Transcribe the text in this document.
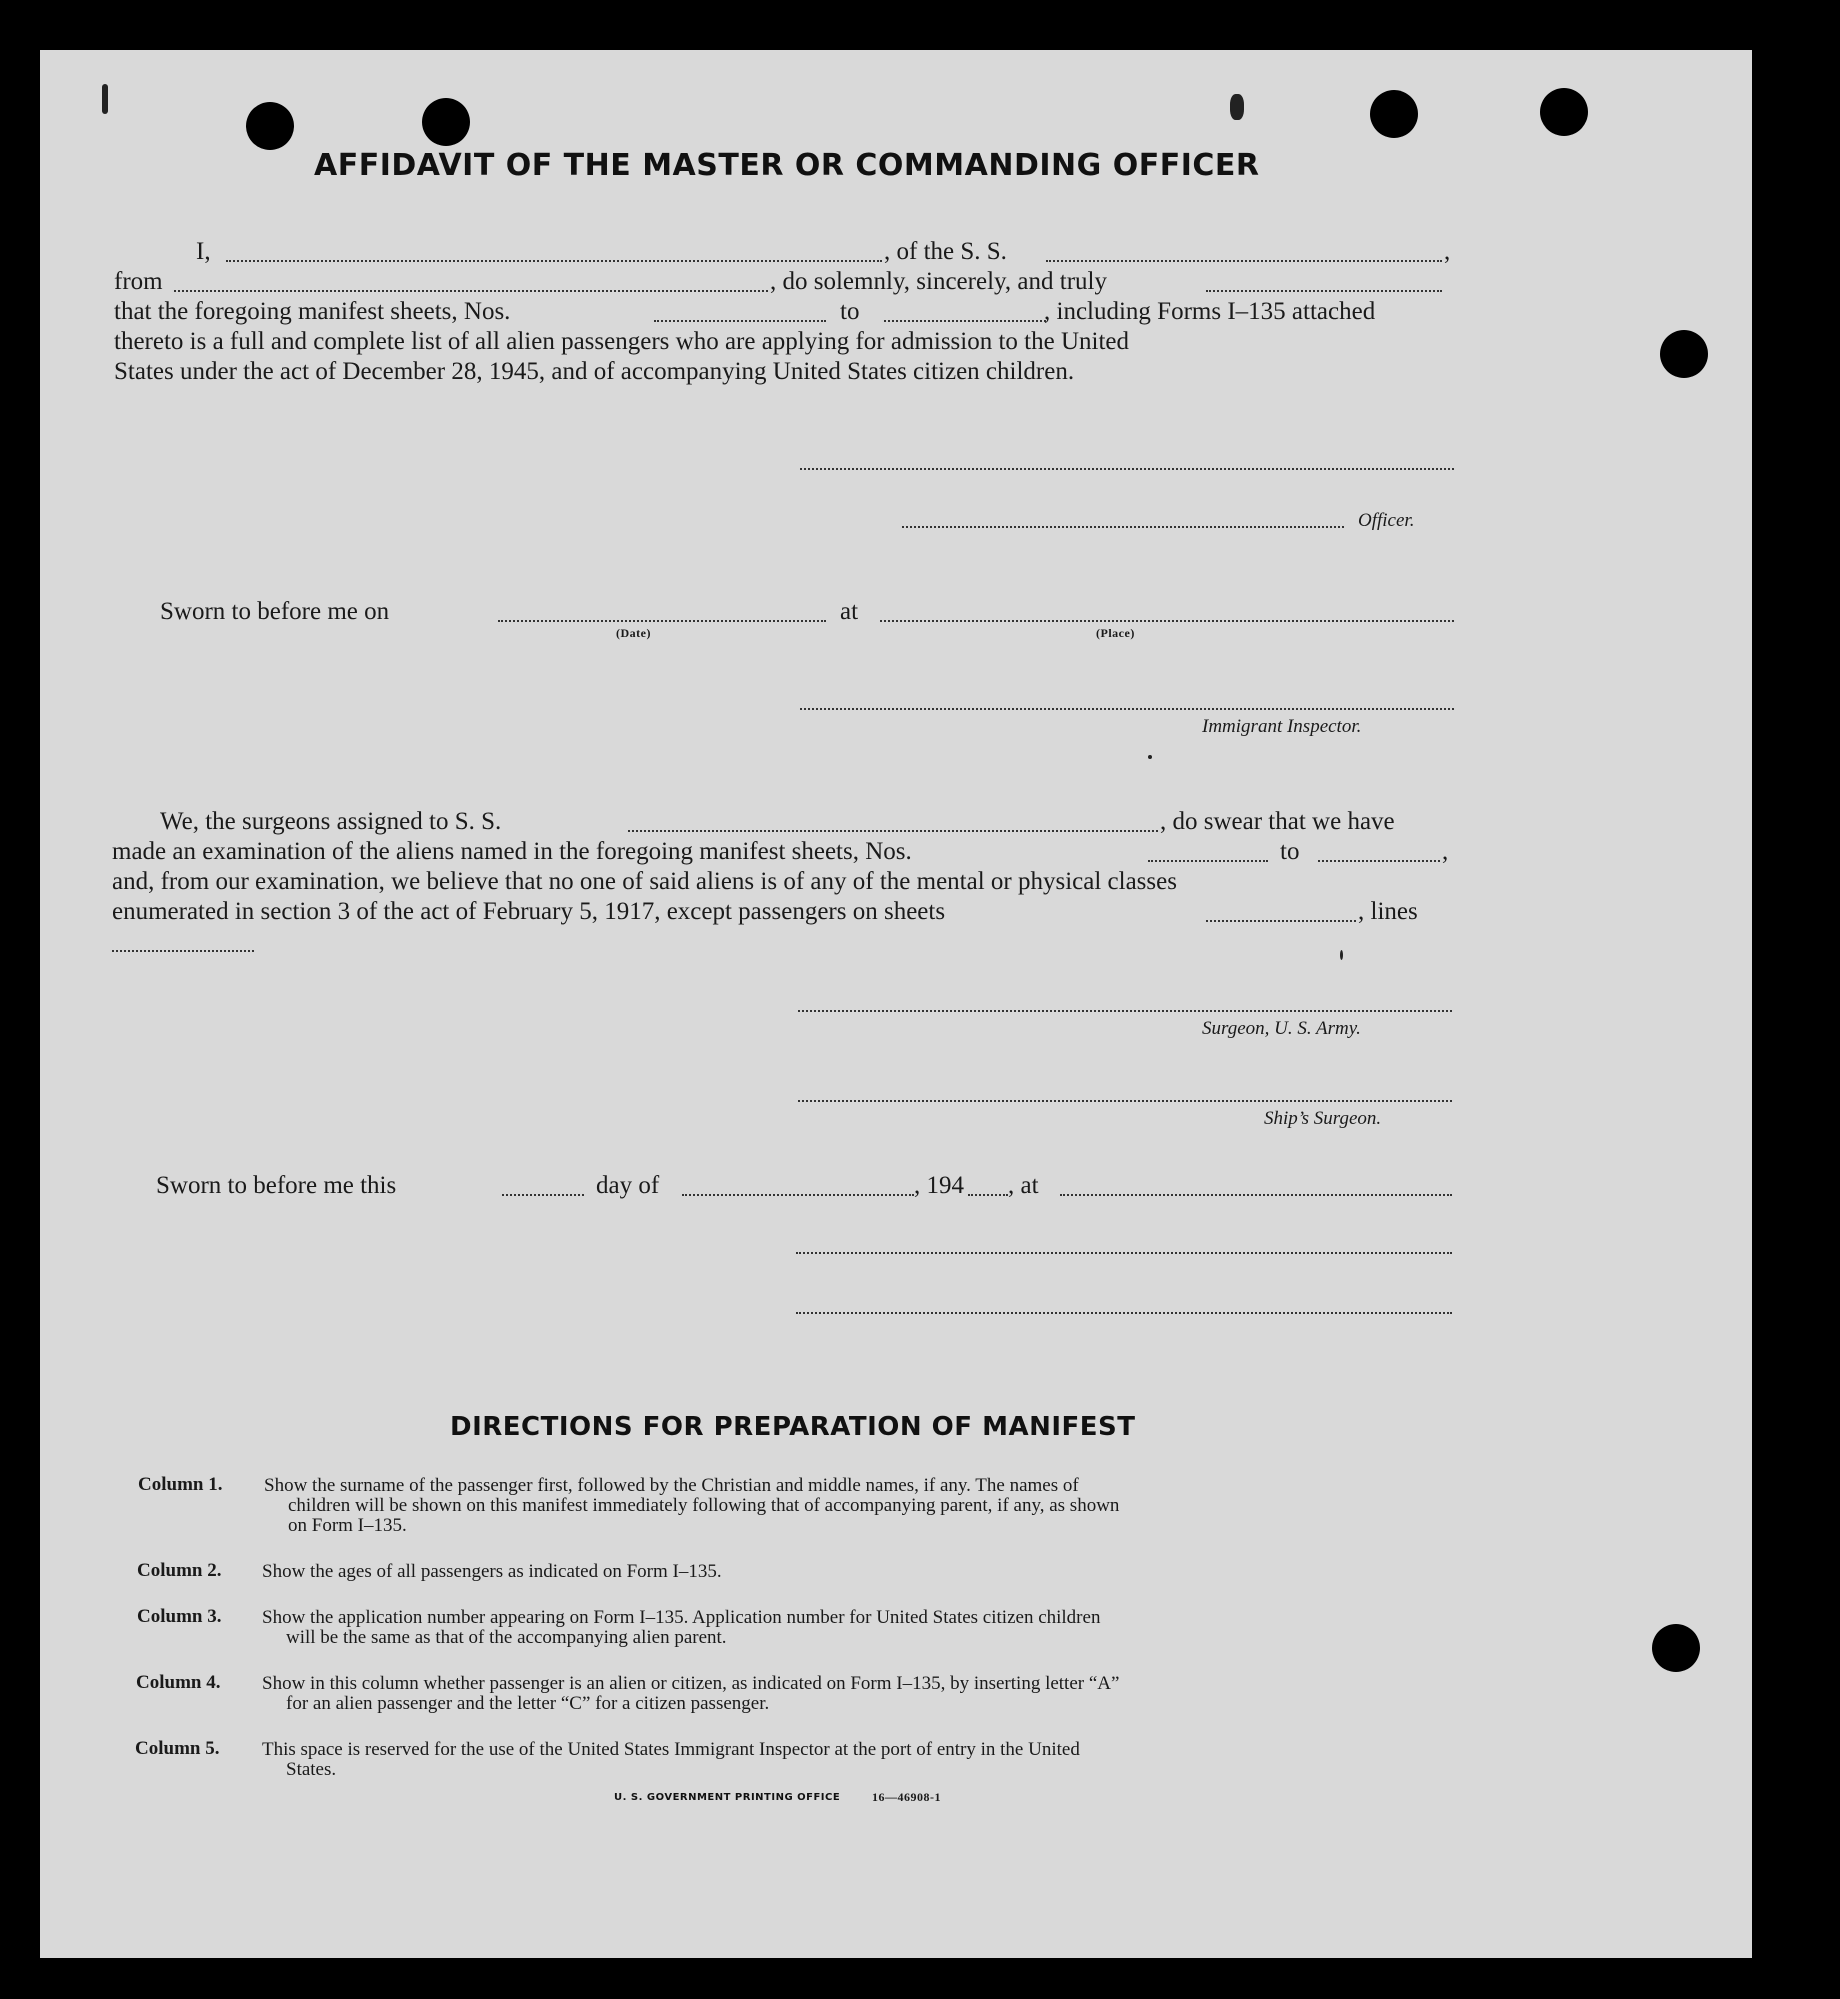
AFFIDAVIT OF THE MASTER OR COMMANDING OFFICER
I,	, of the S. S.	,
from	, do solemnly, sincerely, and truly
that the foregoing manifest sheets, Nos.	to	, including Forms I–135 attached
thereto is a full and complete list of all alien passengers who are applying for admission to the United
States under the act of December 28, 1945, and of accompanying United States citizen children.
Officer.
Sworn to before me on
(Date)
at
(Place)
Immigrant Inspector.
We, the surgeons assigned to S. S.	, do swear that we have
made an examination of the aliens named in the foregoing manifest sheets, Nos.	to	,
and, from our examination, we believe that no one of said aliens is of any of the mental or physical classes
enumerated in section 3 of the act of February 5, 1917, except passengers on sheets	, lines
Surgeon, U. S. Army.
Ship’s Surgeon.
Sworn to before me this	day of	, 194 , at
DIRECTIONS FOR PREPARATION OF MANIFEST
Column 1. Show the surname of the passenger first, followed by the Christian and middle names, if any. The names of
children will be shown on this manifest immediately following that of accompanying parent, if any, as shown
on Form I–135.
Column 2. Show the ages of all passengers as indicated on Form I–135.
Column 3. Show the application number appearing on Form I–135. Application number for United States citizen children
will be the same as that of the accompanying alien parent.
Column 4. Show in this column whether passenger is an alien or citizen, as indicated on Form I–135, by inserting letter “A”
for an alien passenger and the letter “C” for a citizen passenger.
Column 5. This space is reserved for the use of the United States Immigrant Inspector at the port of entry in the United
States.
U. S. GOVERNMENT PRINTING OFFICE	16—46908-1
